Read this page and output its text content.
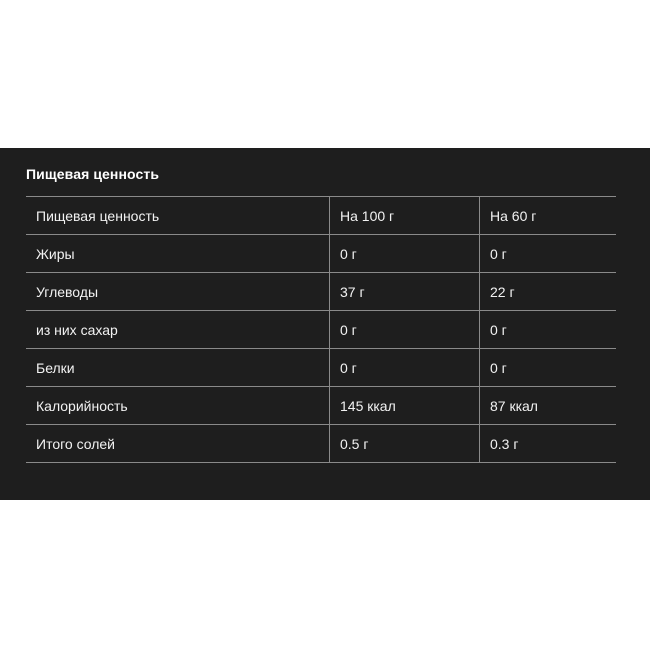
Пищевая ценность
Пищевая ценность	На 100 г	На 60 г
Жиры	0 г	0 г
Углеводы	37 г	22 г
из них сахар	0 г	0 г
Белки	0 г	0 г
Калорийность	145 ккал	87 ккал
Итого солей	0.5 г	0.3 г
